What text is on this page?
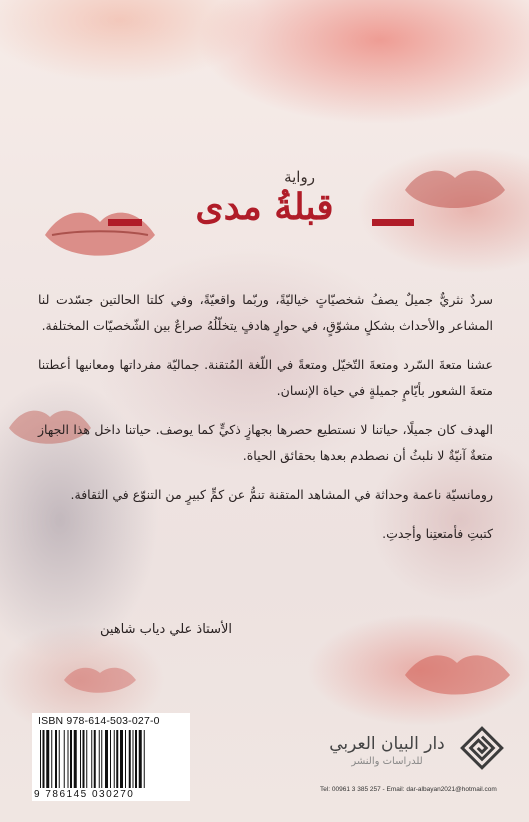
رواية
قبلةُ مدى

سردٌ نثريٌّ جميلٌ يصفُ شخصيّاتٍ خياليّةً، وربّما واقعيّةً، وفي كلتا الحالتين جسّدت لنا المشاعر والأحداث بشكلٍ مشوّقٍ، في حوارٍ هادفٍ يتخلّلُهُ صراعٌ بين الشّخصيّات المختلفة.

عشنا متعةَ السّرد ومتعةَ التّخيّل ومتعةً في اللّغة المُتقنة. جماليّة مفرداتها ومعانيها أعطتنا متعةَ الشعور بأيّامٍ جميلةٍ في حياة الإنسان.

الهدف كان جميلًا، حياتنا لا نستطيع حصرها بجهازٍ ذكيٍّ كما يوصف. حياتنا داخل هذا الجهاز متعةٌ آنيّةٌ لا نلبثُ أن نصطدم بعدها بحقائق الحياة.

رومانسيّة ناعمة وحداثة في المشاهد المتقنة تنمُّ عن كمٍّ كبيرٍ من التنوّع في الثقافة.

كتبتِ فأمتعتِنا وأجدتِ.

الأستاذ علي دياب شاهين
ISBN 978-614-503-027-0
9 786145 030270
دار البيان العربي
للدراسات والنشر
Tel: 00961 3 385 257 - Email: dar-albayan2021@hotmail.com
